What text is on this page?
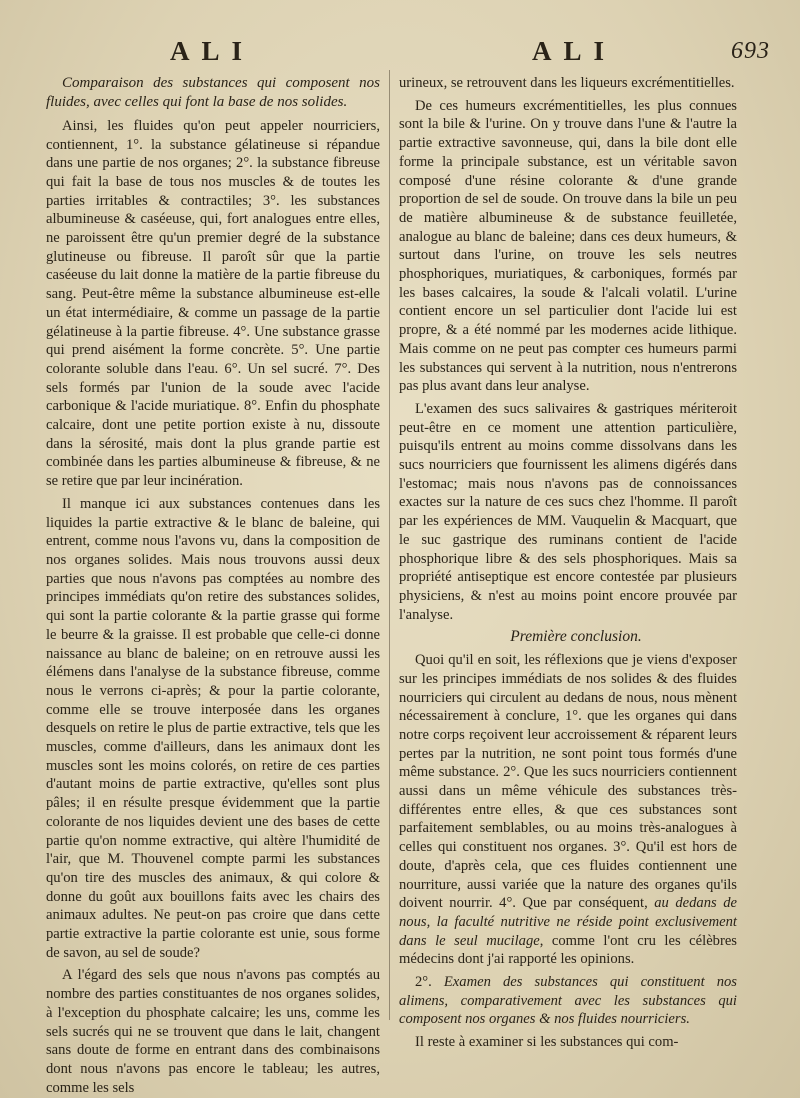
ALI	ALI	693

Comparaison des substances qui composent nos fluides, avec celles qui font la base de nos solides.

Ainsi, les fluides qu'on peut appeler nourriciers, contiennent, 1°. la substance gélatineuse si répandue dans une partie de nos organes; 2°. la substance fibreuse qui fait la base de tous nos muscles & de toutes les parties irritables & contractiles; 3°. les substances albumineuse & caséeuse, qui, fort analogues entre elles, ne paroissent être qu'un premier degré de la substance glutineuse ou fibreuse. Il paroît sûr que la partie caséeuse du lait donne la matière de la partie fibreuse du sang. Peut-être même la substance albumineuse est-elle un état intermédiaire, & comme un passage de la partie gélatineuse à la partie fibreuse. 4°. Une substance grasse qui prend aisément la forme concrète. 5°. Une partie colorante soluble dans l'eau. 6°. Un sel sucré. 7°. Des sels formés par l'union de la soude avec l'acide carbonique & l'acide muriatique. 8°. Enfin du phosphate calcaire, dont une petite portion existe à nu, dissoute dans la sérosité, mais dont la plus grande partie est combinée dans les parties albumineuse & fibreuse, & ne se retire que par leur incinération.

Il manque ici aux substances contenues dans les liquides la partie extractive & le blanc de baleine, qui entrent, comme nous l'avons vu, dans la composition de nos organes solides. Mais nous trouvons aussi deux parties que nous n'avons pas comptées au nombre des principes immédiats qu'on retire des substances solides, qui sont la partie colorante & la partie grasse qui forme le beurre & la graisse. Il est probable que celle-ci donne naissance au blanc de baleine; on en retrouve aussi les élémens dans l'analyse de la substance fibreuse, comme nous le verrons ci-après; & pour la partie colorante, comme elle se trouve interposée dans les organes desquels on retire le plus de partie extractive, tels que les muscles, comme d'ailleurs, dans les animaux dont les muscles sont les moins colorés, on retire de ces parties d'autant moins de partie extractive, qu'elles sont plus pâles; il en résulte presque évidemment que la partie colorante de nos liquides devient une des bases de cette partie qu'on nomme extractive, qui altère l'humidité de l'air, que M. Thouvenel compte parmi les substances qu'on tire des muscles des animaux, & qui colore & donne du goût aux bouillons faits avec les chairs des animaux adultes. Ne peut-on pas croire que dans cette partie extractive la partie colorante est unie, sous forme de savon, au sel de soude?

A l'égard des sels que nous n'avons pas comptés au nombre des parties constituantes de nos organes solides, à l'exception du phosphate calcaire; les uns, comme les sels sucrés qui ne se trouvent que dans le lait, changent sans doute de forme en entrant dans des combinaisons dont nous n'avons pas encore le tableau; les autres, comme les sels

urineux, se retrouvent dans les liqueurs excrémentitielles.

De ces humeurs excrémentitielles, les plus connues sont la bile & l'urine. On y trouve dans l'une & l'autre la partie extractive savonneuse, qui, dans la bile dont elle forme la principale substance, est un véritable savon composé d'une résine colorante & d'une grande proportion de sel de soude. On trouve dans la bile un peu de matière albumineuse & de substance feuilletée, analogue au blanc de baleine; dans ces deux humeurs, & surtout dans l'urine, on trouve les sels neutres phosphoriques, muriatiques, & carboniques, formés par les bases calcaires, la soude & l'alcali volatil. L'urine contient encore un sel particulier dont l'acide lui est propre, & a été nommé par les modernes acide lithique. Mais comme on ne peut pas compter ces humeurs parmi les substances qui servent à la nutrition, nous n'entrerons pas plus avant dans leur analyse.

L'examen des sucs salivaires & gastriques mériteroit peut-être en ce moment une attention particulière, puisqu'ils entrent au moins comme dissolvans dans les sucs nourriciers que fournissent les alimens digérés dans l'estomac; mais nous n'avons pas de connoissances exactes sur la nature de ces sucs chez l'homme. Il paroît par les expériences de MM. Vauquelin & Macquart, que le suc gastrique des ruminans contient de l'acide phosphorique libre & des sels phosphoriques. Mais sa propriété antiseptique est encore contestée par plusieurs physiciens, & n'est au moins point encore prouvée par l'analyse.

Première conclusion.

Quoi qu'il en soit, les réflexions que je viens d'exposer sur les principes immédiats de nos solides & des fluides nourriciers qui circulent au dedans de nous, nous mènent nécessairement à conclure, 1°. que les organes qui dans notre corps reçoivent leur accroissement & réparent leurs pertes par la nutrition, ne sont point tous formés d'une même substance. 2°. Que les sucs nourriciers contiennent aussi dans un même véhicule des substances très-différentes entre elles, & que ces substances sont parfaitement semblables, ou au moins très-analogues à celles qui constituent nos organes. 3°. Qu'il est hors de doute, d'après cela, que ces fluides contiennent une nourriture, aussi variée que la nature des organes qu'ils doivent nourrir. 4°. Que par conséquent, au dedans de nous, la faculté nutritive ne réside point exclusivement dans le seul mucilage, comme l'ont cru les célèbres médecins dont j'ai rapporté les opinions.

2°. Examen des substances qui constituent nos alimens, comparativement avec les substances qui composent nos organes & nos fluides nourriciers.

Il reste à examiner si les substances qui com-
